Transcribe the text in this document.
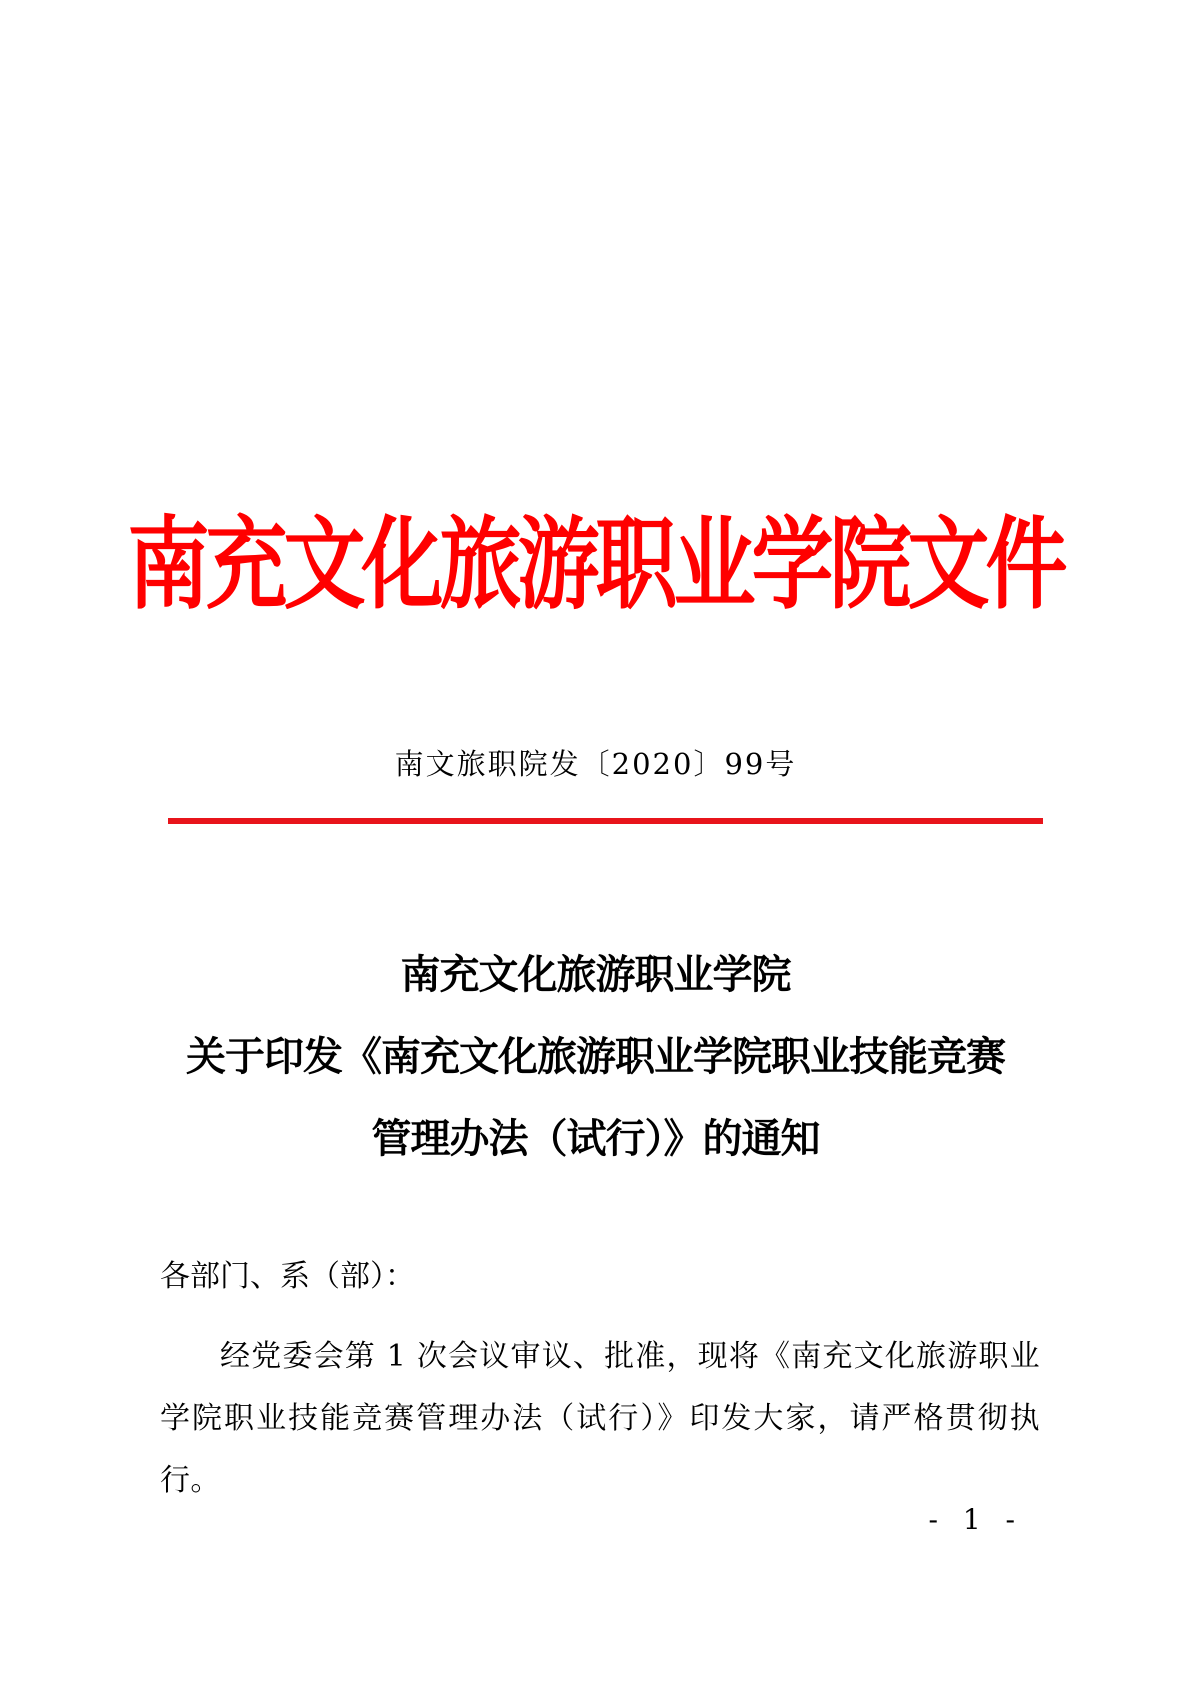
南充文化旅游职业学院文件
南文旅职院发〔2020〕99号
南充文化旅游职业学院
关于印发《南充文化旅游职业学院职业技能竞赛
管理办法（试行）》的通知
各部门、系（部）：
经党委会第 1 次会议审议、批准，现将《南充文化旅游职业学院职业技能竞赛管理办法（试行）》印发大家，请严格贯彻执行。
- 1 -
